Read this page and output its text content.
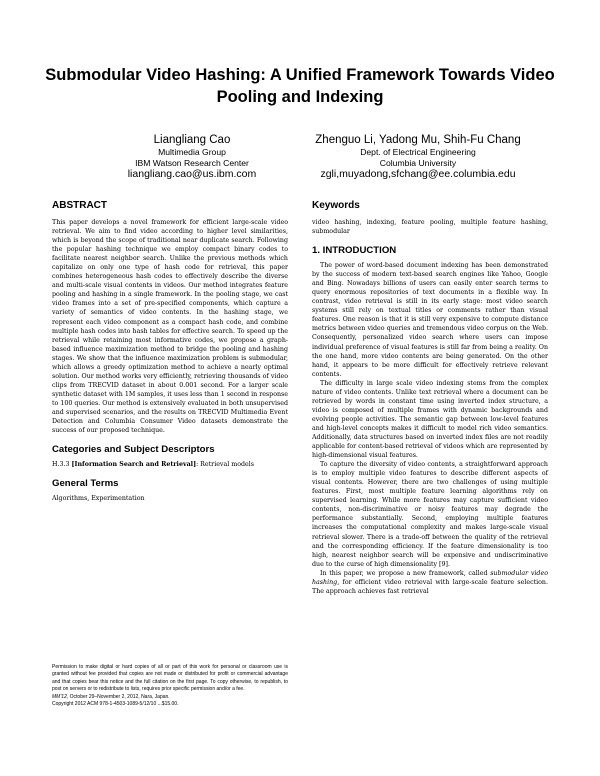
Submodular Video Hashing: A Unified Framework Towards Video Pooling and Indexing
Liangliang Cao
Multimedia Group
IBM Watson Research Center
liangliang.cao@us.ibm.com
Zhenguo Li, Yadong Mu, Shih-Fu Chang
Dept. of Electrical Engineering
Columbia University
zgli,muyadong,sfchang@ee.columbia.edu
ABSTRACT

This paper develops a novel framework for efficient large-scale video retrieval. We aim to find video according to higher level similarities, which is beyond the scope of traditional near duplicate search. Following the popular hashing technique we employ compact binary codes to facilitate nearest neighbor search. Unlike the previous methods which capitalize on only one type of hash code for retrieval, this paper combines heterogeneous hash codes to effectively describe the diverse and multi-scale visual contents in videos. Our method integrates feature pooling and hashing in a single framework. In the pooling stage, we cast video frames into a set of pre-specified components, which capture a variety of semantics of video contents. In the hashing stage, we represent each video component as a compact hash code, and combine multiple hash codes into hash tables for effective search. To speed up the retrieval while retaining most informative codes, we propose a graph-based influence maximization method to bridge the pooling and hashing stages. We show that the influence maximization problem is submodular, which allows a greedy optimization method to achieve a nearly optimal solution. Our method works very efficiently, retrieving thousands of video clips from TRECVID dataset in about 0.001 second. For a larger scale synthetic dataset with 1M samples, it uses less than 1 second in response to 100 queries. Our method is extensively evaluated in both unsupervised and supervised scenarios, and the results on TRECVID Multimedia Event Detection and Columbia Consumer Video datasets demonstrate the success of our proposed technique.

Categories and Subject Descriptors

H.3.3 [Information Search and Retrieval]: Retrieval models

General Terms

Algorithms, Experimentation

Permission to make digital or hard copies of all or part of this work for personal or classroom use is granted without fee provided that copies are not made or distributed for profit or commercial advantage and that copies bear this notice and the full citation on the first page. To copy otherwise, to republish, to post on servers or to redistribute to lists, requires prior specific permission and/or a fee.
MM'12, October 29–November 2, 2012, Nara, Japan.
Copyright 2012 ACM 978-1-4503-1089-5/12/10 ...$15.00.
Keywords

video hashing, indexing, feature pooling, multiple feature hashing, submodular

1. INTRODUCTION

The power of word-based document indexing has been demonstrated by the success of modern text-based search engines like Yahoo, Google and Bing. Nowadays billions of users can easily enter search terms to query enormous repositories of text documents in a flexible way. In contrast, video retrieval is still in its early stage: most video search systems still rely on textual titles or comments rather than visual features. One reason is that it is still very expensive to compute distance metrics between video queries and tremendous video corpus on the Web. Consequently, personalized video search where users can impose individual preference of visual features is still far from being a reality. On the one hand, more video contents are being generated. On the other hand, it appears to be more difficult for effectively retrieve relevant contents.

The difficulty in large scale video indexing stems from the complex nature of video contents. Unlike text retrieval where a document can be retrieved by words in constant time using inverted index structure, a video is composed of multiple frames with dynamic backgrounds and evolving people activities. The semantic gap between low-level features and high-level concepts makes it difficult to model rich video semantics. Additionally, data structures based on inverted index files are not readily applicable for content-based retrieval of videos which are represented by high-dimensional visual features.

To capture the diversity of video contents, a straightforward approach is to employ multiple video features to describe different aspects of visual contents. However, there are two challenges of using multiple features. First, most multiple feature learning algorithms rely on supervised learning. While more features may capture sufficient video contents, non-discriminative or noisy features may degrade the performance substantially. Second, employing multiple features increases the computational complexity and makes large-scale visual retrieval slower. There is a trade-off between the quality of the retrieval and the corresponding efficiency. If the feature dimensionality is too high, nearest neighbor search will be expensive and undiscriminative due to the curse of high dimensionality [9].

In this paper, we propose a new framework, called submodular video hashing, for efficient video retrieval with large-scale feature selection. The approach achieves fast retrieval
